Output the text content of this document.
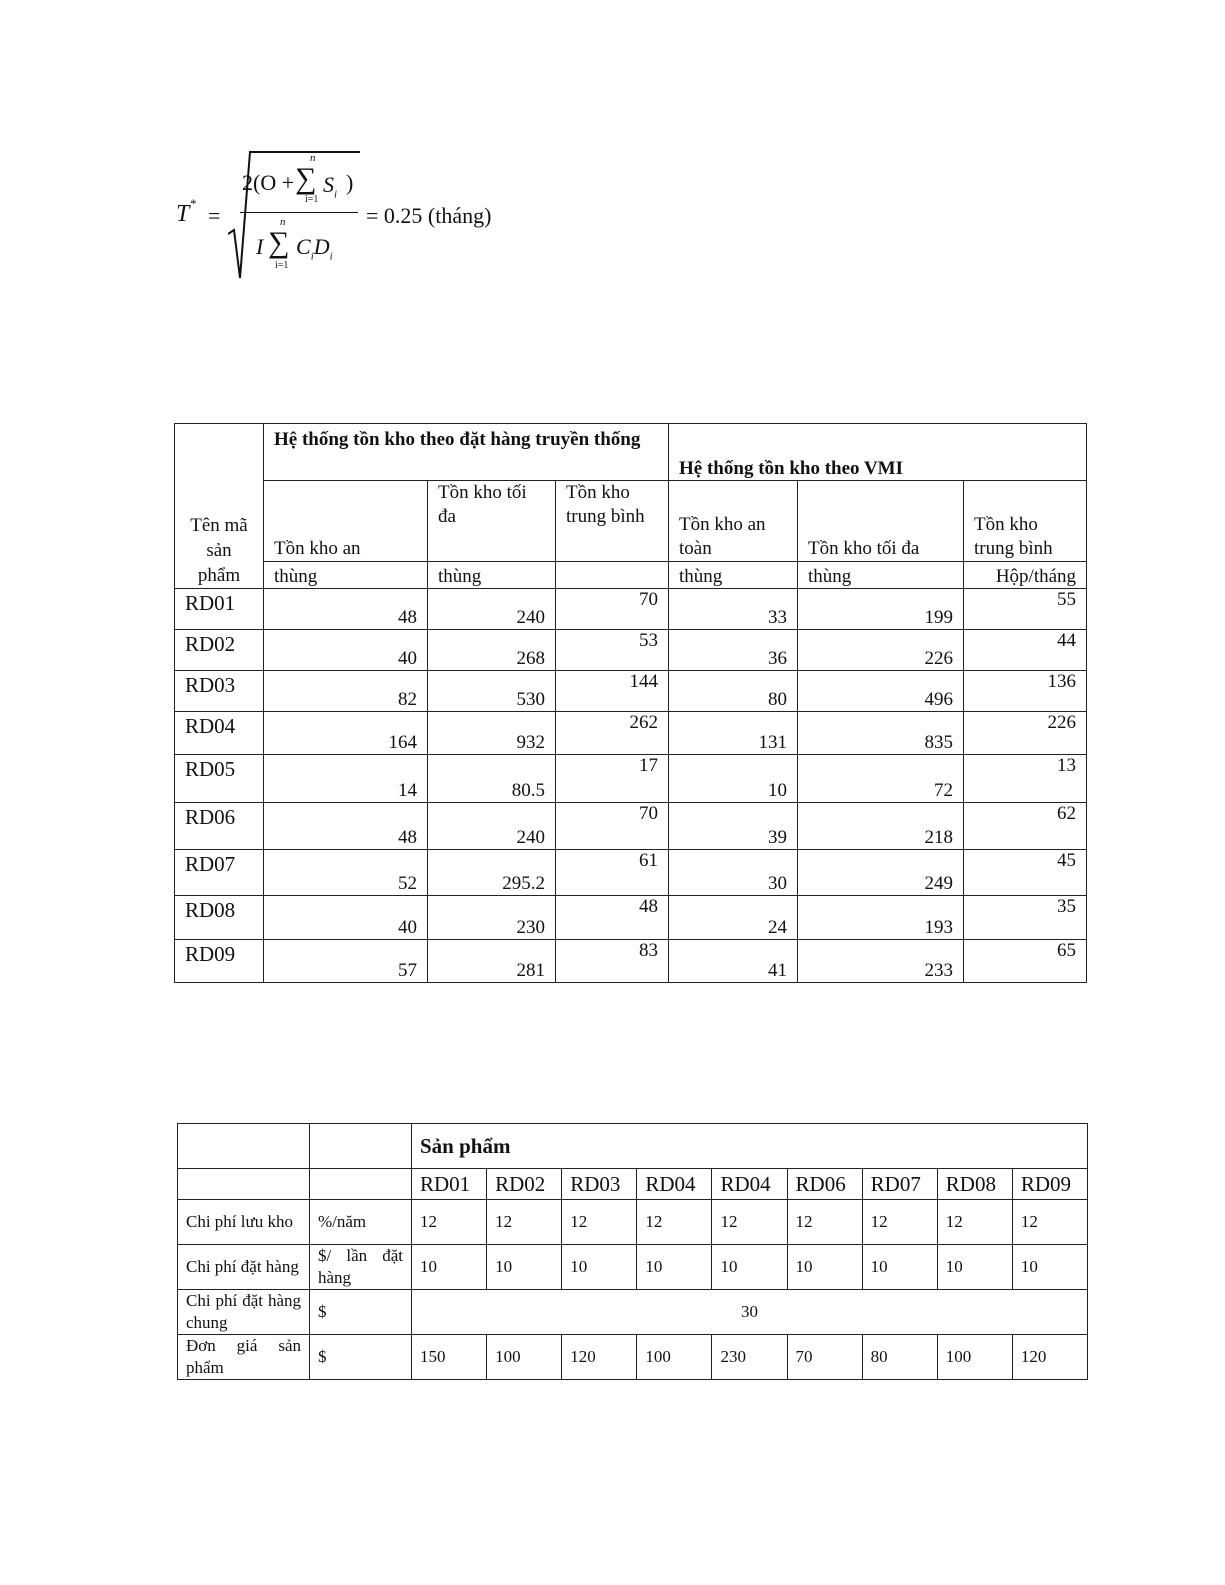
T* =
2(O +
n
∑
i=1
$S_i$ )
I
n
∑
i=1
$C_iD_i$
= 0.25 (tháng)
Tên mã sản phẩm	Hệ thống tồn kho theo đặt hàng truyền thống			Hệ thống tồn kho theo VMI		
	Tồn kho an	Tồn kho tối đa	Tồn kho trung bình	Tồn kho an toàn	Tồn kho tối đa	Tồn kho trung bình
	thùng	thùng		thùng	thùng	Hộp/tháng
RD01	48	240	70	33	199	55
RD02	40	268	53	36	226	44
RD03	82	530	144	80	496	136
RD04	164	932	262	131	835	226
RD05	14	80.5	17	10	72	13
RD06	48	240	70	39	218	62
RD07	52	295.2	61	30	249	45
RD08	40	230	48	24	193	35
RD09	57	281	83	41	233	65
		Sản phẩm								
		RD01	RD02	RD03	RD04	RD04	RD06	RD07	RD08	RD09
Chi phí lưu kho	%/năm	12	12	12	12	12	12	12	12	12
Chi phí đặt hàng	$/ lần đặt hàng	10	10	10	10	10	10	10	10	10
Chi phí đặt hàng chung	$	30								
Đơn giá sản phẩm	$	150	100	120	100	230	70	80	100	120
